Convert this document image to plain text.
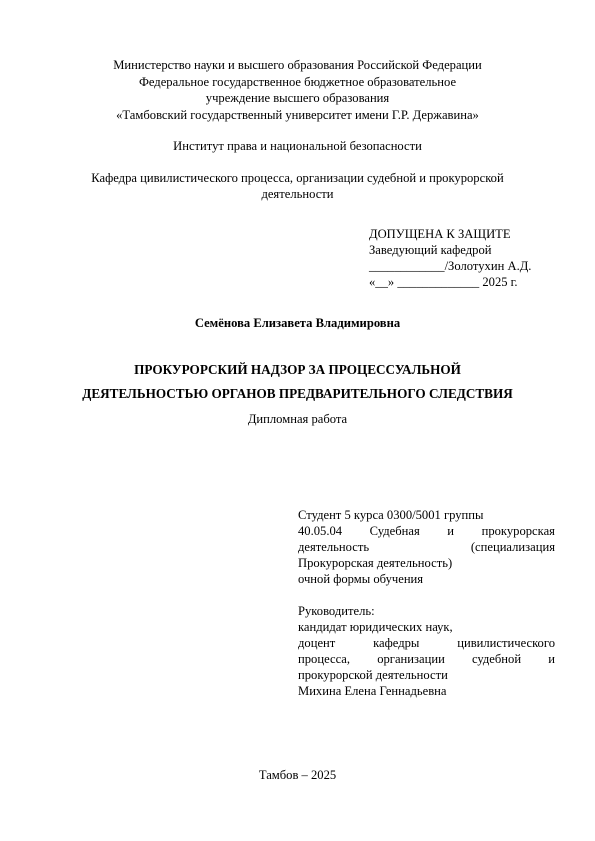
Министерство науки и высшего образования Российской Федерации
Федеральное государственное бюджетное образовательное
учреждение высшего образования
«Тамбовский государственный университет имени Г.Р. Державина»
Институт права и национальной безопасности
Кафедра цивилистического процесса, организации судебной и прокурорской
деятельности
ДОПУЩЕНА К ЗАЩИТЕ
Заведующий кафедрой
____________/Золотухин А.Д.
«__» _____________ 2025 г.
Семёнова Елизавета Владимировна
ПРОКУРОРСКИЙ НАДЗОР ЗА ПРОЦЕССУАЛЬНОЙ
ДЕЯТЕЛЬНОСТЬЮ ОРГАНОВ ПРЕДВАРИТЕЛЬНОГО СЛЕДСТВИЯ
Дипломная работа
Студент 5 курса 0300/5001 группы
40.05.04 Судебная и прокурорская
деятельность	(специализация
Прокурорская деятельность)
очной формы обучения
Руководитель:
кандидат юридических наук,
доцент	кафедры	цивилистического
процесса, организации судебной и
прокурорской деятельности
Михина Елена Геннадьевна
Тамбов – 2025
